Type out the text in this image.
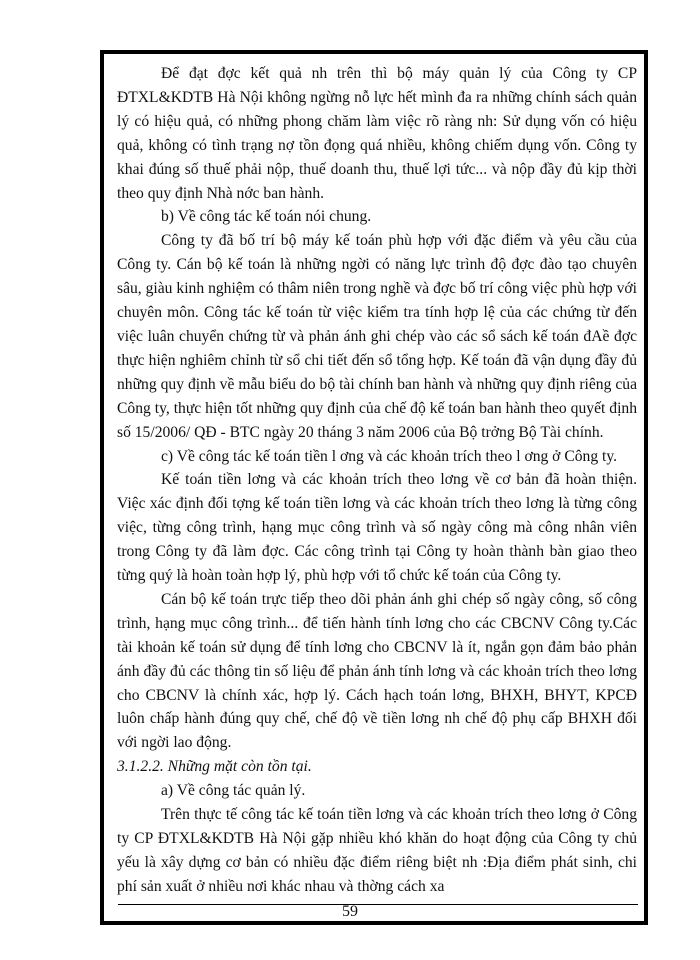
Để đạt đợc kết quả nh trên thì bộ máy quản lý của Công ty CP ĐTXL&KDTB Hà Nội không ngừng nỗ lực hết mình đa ra những chính sách quản lý có hiệu quả, có những phong chăm làm việc rõ ràng nh: Sử dụng vốn có hiệu quả, không có tình trạng nợ tồn đọng quá nhiều, không chiếm dụng vốn. Công ty khai đúng số thuế phải nộp, thuế doanh thu, thuế lợi tức... và nộp đầy đủ kịp thời theo quy định Nhà nớc ban hành.

b) Về công tác kế toán nói chung.

Công ty đã bố trí bộ máy kế toán phù hợp với đặc điểm và yêu cầu của Công ty. Cán bộ kế toán là những ngời có năng lực trình độ đợc đào tạo chuyên sâu, giàu kinh nghiệm có thâm niên trong nghề và đợc bố trí công việc phù hợp với chuyên môn. Công tác kế toán từ việc kiểm tra tính hợp lệ của các chứng từ đến việc luân chuyển chứng từ và phản ánh ghi chép vào các sổ sách kế toán đAề đợc thực hiện nghiêm chỉnh từ sổ chi tiết đến sổ tổng hợp. Kế toán đã vận dụng đầy đủ những quy định về mẫu biểu do bộ tài chính ban hành và những quy định riêng của Công ty, thực hiện tốt những quy định của chế độ kế toán ban hành theo quyết định số 15/2006/ QĐ - BTC ngày 20 tháng 3 năm 2006 của Bộ trởng Bộ Tài chính.

c) Về công tác kế toán tiền l ơng và các khoản trích theo l ơng ở Công ty.

Kế toán tiền lơng và các khoản trích theo lơng về cơ bản đã hoàn thiện. Việc xác định đối tợng kế toán tiền lơng và các khoản trích theo lơng là từng công việc, từng công trình, hạng mục công trình và số ngày công mà công nhân viên trong Công ty đã làm đợc. Các công trình tại Công ty hoàn thành bàn giao theo từng quý là hoàn toàn hợp lý, phù hợp với tổ chức kế toán của Công ty.

Cán bộ kế toán trực tiếp theo dõi phản ánh ghi chép số ngày công, số công trình, hạng mục công trình... để tiến hành tính lơng cho các CBCNV Công ty.Các tài khoản kế toán sử dụng để tính lơng cho CBCNV là ít, ngắn gọn đảm bảo phản ánh đầy đủ các thông tin số liệu để phản ánh tính lơng và các khoản trích theo lơng cho CBCNV là chính xác, hợp lý. Cách hạch toán lơng, BHXH, BHYT, KPCĐ luôn chấp hành đúng quy chế, chế độ về tiền lơng nh chế độ phụ cấp BHXH đối với ngời lao động.

3.1.2.2. Những mặt còn tồn tại.

a) Về công tác quản lý.

Trên thực tế công tác kế toán tiền lơng và các khoản trích theo lơng ở Công ty CP ĐTXL&KDTB Hà Nội gặp nhiều khó khăn do hoạt động của Công ty chủ yếu là xây dựng cơ bản có nhiều đặc điểm riêng biệt nh :Địa điểm phát sinh, chi phí sản xuất ở nhiều nơi khác nhau và thờng cách xa

59
